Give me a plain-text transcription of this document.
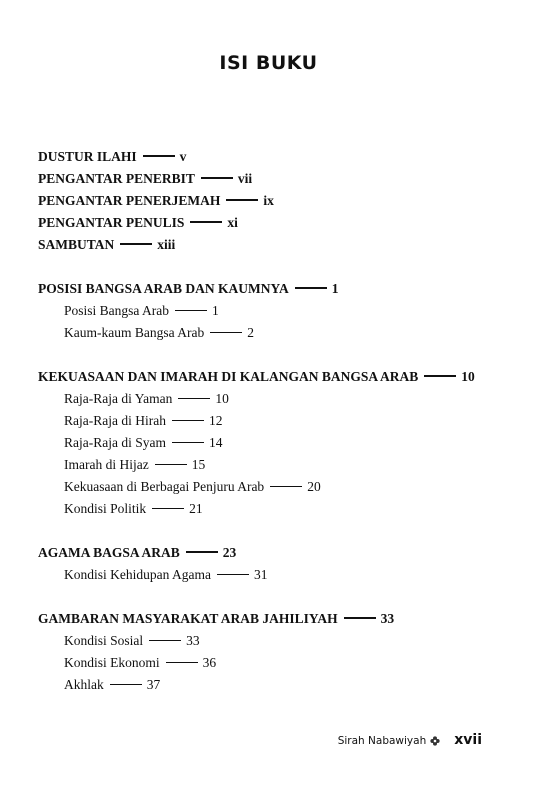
ISI BUKU
DUSTUR ILAHI	v
PENGANTAR PENERBIT	vii
PENGANTAR PENERJEMAH	ix
PENGANTAR PENULIS	xi
SAMBUTAN	xiii
POSISI BANGSA ARAB DAN KAUMNYA	1
Posisi Bangsa Arab	1
Kaum-kaum Bangsa Arab	2
KEKUASAAN DAN IMARAH DI KALANGAN BANGSA ARAB	10
Raja-Raja di Yaman	10
Raja-Raja di Hirah	12
Raja-Raja di Syam	14
Imarah di Hijaz	15
Kekuasaan di Berbagai Penjuru Arab	20
Kondisi Politik	21
AGAMA BAGSA ARAB	23
Kondisi Kehidupan Agama	31
GAMBARAN MASYARAKAT ARAB JAHILIYAH	33
Kondisi Sosial	33
Kondisi Ekonomi	36
Akhlak	37
Sirah Nabawiyah xvii
